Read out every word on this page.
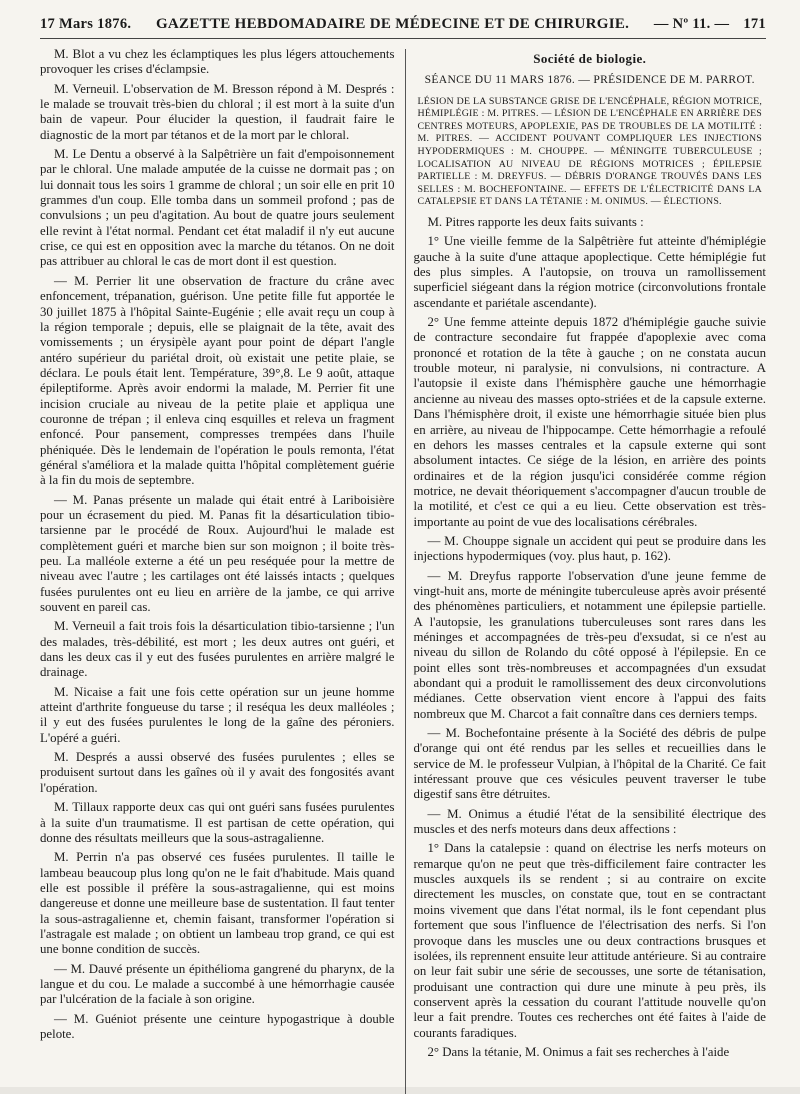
17 Mars 1876. GAZETTE HEBDOMADAIRE DE MÉDECINE ET DE CHIRURGIE. — Nº 11. — 171

M. Blot a vu chez les éclamptiques les plus légers attouchements provoquer les crises d'éclampsie.

M. Verneuil. L'observation de M. Bresson répond à M. Després : le malade se trouvait très-bien du chloral ; il est mort à la suite d'un bain de vapeur. Pour élucider la question, il faudrait faire le diagnostic de la mort par tétanos et de la mort par le chloral.

M. Le Dentu a observé à la Salpêtrière un fait d'empoisonnement par le chloral. Une malade amputée de la cuisse ne dormait pas ; on lui donnait tous les soirs 1 gramme de chloral ; un soir elle en prit 10 grammes d'un coup. Elle tomba dans un sommeil profond ; pas de convulsions ; un peu d'agitation. Au bout de quatre jours seulement elle revint à l'état normal. Pendant cet état maladif il n'y eut aucune crise, ce qui est en opposition avec la marche du tétanos. On ne doit pas attribuer au chloral le cas de mort dont il est question.

— M. Perrier lit une observation de fracture du crâne avec enfoncement, trépanation, guérison. Une petite fille fut apportée le 30 juillet 1875 à l'hôpital Sainte-Eugénie ; elle avait reçu un coup à la région temporale ; depuis, elle se plaignait de la tête, avait des vomissements ; un érysipèle ayant pour point de départ l'angle antéro supérieur du pariétal droit, où existait une petite plaie, se déclara. Le pouls était lent. Température, 39°,8. Le 9 août, attaque épileptiforme. Après avoir endormi la malade, M. Perrier fit une incision cruciale au niveau de la petite plaie et appliqua une couronne de trépan ; il enleva cinq esquilles et releva un fragment enfoncé. Pour pansement, compresses trempées dans l'huile phéniquée. Dès le lendemain de l'opération le pouls remonta, l'état général s'améliora et la malade quitta l'hôpital complètement guérie à la fin du mois de septembre.

— M. Panas présente un malade qui était entré à Lariboisière pour un écrasement du pied. M. Panas fit la désarticulation tibio-tarsienne par le procédé de Roux. Aujourd'hui le malade est complètement guéri et marche bien sur son moignon ; il boite très-peu. La malléole externe a été un peu reséquée pour la mettre de niveau avec l'autre ; les cartilages ont été laissés intacts ; quelques fusées purulentes ont eu lieu en arrière de la jambe, ce qui arrive souvent en pareil cas.

M. Verneuil a fait trois fois la désarticulation tibio-tarsienne ; l'un des malades, très-débilité, est mort ; les deux autres ont guéri, et dans les deux cas il y eut des fusées purulentes en arrière malgré le drainage.

M. Nicaise a fait une fois cette opération sur un jeune homme atteint d'arthrite fongueuse du tarse ; il reséqua les deux malléoles ; il y eut des fusées purulentes le long de la gaîne des péroniers. L'opéré a guéri.

M. Després a aussi observé des fusées purulentes ; elles se produisent surtout dans les gaînes où il y avait des fongosités avant l'opération.

M. Tillaux rapporte deux cas qui ont guéri sans fusées purulentes à la suite d'un traumatisme. Il est partisan de cette opération, qui donne des résultats meilleurs que la sous-astragalienne.

M. Perrin n'a pas observé ces fusées purulentes. Il taille le lambeau beaucoup plus long qu'on ne le fait d'habitude. Mais quand elle est possible il préfère la sous-astragalienne, qui est moins dangereuse et donne une meilleure base de sustentation. Il faut tenter la sous-astragalienne et, chemin faisant, transformer l'opération si l'astragale est malade ; on obtient un lambeau trop grand, ce qui est une bonne condition de succès.

— M. Dauvé présente un épithélioma gangrené du pharynx, de la langue et du cou. Le malade a succombé à une hémorrhagie causée par l'ulcération de la faciale à son origine.

— M. Guéniot présente une ceinture hypogastrique à double pelote.

Société de biologie.
SÉANCE DU 11 MARS 1876. — PRÉSIDENCE DE M. PARROT.
LÉSION DE LA SUBSTANCE GRISE DE L'ENCÉPHALE, RÉGION MOTRICE, HÉMIPLÉGIE : M. PITRES. — LÉSION DE L'ENCÉPHALE EN ARRIÈRE DES CENTRES MOTEURS, APOPLEXIE, PAS DE TROUBLES DE LA MOTILITÉ : M. PITRES. — ACCIDENT POUVANT COMPLIQUER LES INJECTIONS HYPODERMIQUES : M. CHOUPPE. — MÉNINGITE TUBERCULEUSE ; LOCALISATION AU NIVEAU DE RÉGIONS MOTRICES ; ÉPILEPSIE PARTIELLE : M. DREYFUS. — DÉBRIS D'ORANGE TROUVÉS DANS LES SELLES : M. BOCHEFONTAINE. — EFFETS DE L'ÉLECTRICITÉ DANS LA CATALEPSIE ET DANS LA TÉTANIE : M. ONIMUS. — ÉLECTIONS.

M. Pitres rapporte les deux faits suivants :

1° Une vieille femme de la Salpêtrière fut atteinte d'hémiplégie gauche à la suite d'une attaque apoplectique. Cette hémiplégie fut des plus simples. A l'autopsie, on trouva un ramollissement superficiel siégeant dans la région motrice (circonvolutions frontale ascendante et pariétale ascendante).

2° Une femme atteinte depuis 1872 d'hémiplégie gauche suivie de contracture secondaire fut frappée d'apoplexie avec coma prononcé et rotation de la tête à gauche ; on ne constata aucun trouble moteur, ni paralysie, ni convulsions, ni contracture. A l'autopsie il existe dans l'hémisphère gauche une hémorrhagie ancienne au niveau des masses opto-striées et de la capsule externe. Dans l'hémisphère droit, il existe une hémorrhagie située bien plus en arrière, au niveau de l'hippocampe. Cette hémorrhagie a refoulé en dehors les masses centrales et la capsule externe qui sont absolument intactes. Ce siége de la lésion, en arrière des points ordinaires et de la région jusqu'ici considérée comme région motrice, ne devait théoriquement s'accompagner d'aucun trouble de la motilité, et c'est ce qui a eu lieu. Cette observation est très-importante au point de vue des localisations cérébrales.

— M. Chouppe signale un accident qui peut se produire dans les injections hypodermiques (voy. plus haut, p. 162).

— M. Dreyfus rapporte l'observation d'une jeune femme de vingt-huit ans, morte de méningite tuberculeuse après avoir présenté des phénomènes particuliers, et notamment une épilepsie partielle. A l'autopsie, les granulations tuberculeuses sont rares dans les méninges et accompagnées de très-peu d'exsudat, si ce n'est au niveau du sillon de Rolando du côté opposé à l'épilepsie. En ce point elles sont très-nombreuses et accompagnées d'un exsudat abondant qui a produit le ramollissement des deux circonvolutions médianes. Cette observation vient encore à l'appui des faits nombreux que M. Charcot a fait connaître dans ces derniers temps.

— M. Bochefontaine présente à la Société des débris de pulpe d'orange qui ont été rendus par les selles et recueillies dans le service de M. le professeur Vulpian, à l'hôpital de la Charité. Ce fait intéressant prouve que ces vésicules peuvent traverser le tube digestif sans être détruites.

— M. Onimus a étudié l'état de la sensibilité électrique des muscles et des nerfs moteurs dans deux affections :

1° Dans la catalepsie : quand on électrise les nerfs moteurs on remarque qu'on ne peut que très-difficilement faire contracter les muscles auxquels ils se rendent ; si au contraire on excite directement les muscles, on constate que, tout en se contractant moins vivement que dans l'état normal, ils le font cependant plus fortement que sous l'influence de l'électrisation des nerfs. Si l'on provoque dans les muscles une ou deux contractions brusques et isolées, ils reprennent ensuite leur attitude antérieure. Si au contraire on leur fait subir une série de secousses, une sorte de tétanisation, produisant une contraction qui dure une minute à peu près, ils conservent après la cessation du courant l'attitude nouvelle qu'on leur a fait prendre. Toutes ces recherches ont été faites à l'aide de courants faradiques.

2° Dans la tétanie, M. Onimus a fait ses recherches à l'aide
